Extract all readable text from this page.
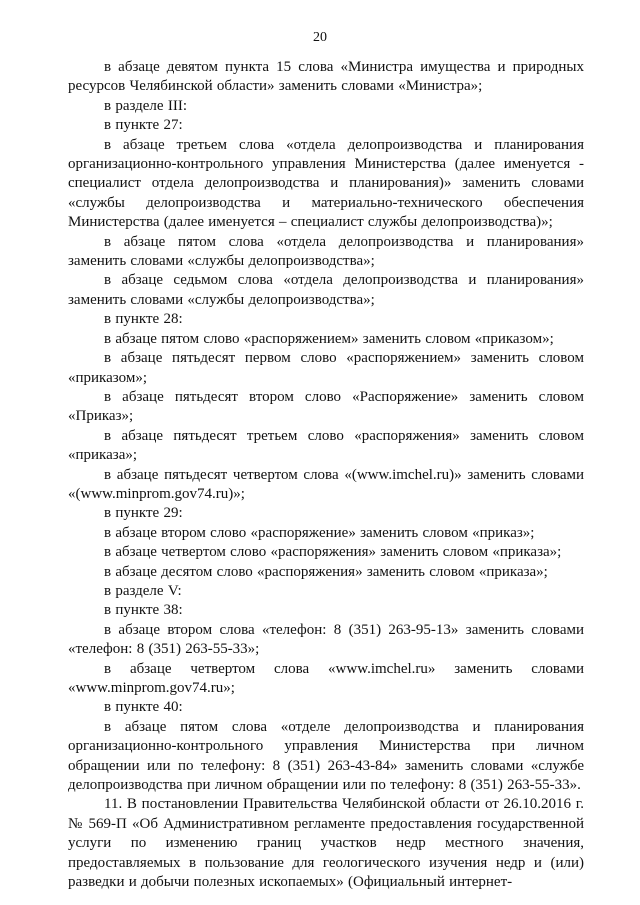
20

в абзаце девятом пункта 15 слова «Министра имущества и природных ресурсов Челябинской области» заменить словами «Министра»;

в разделе III:

в пункте 27:

в абзаце третьем слова «отдела делопроизводства и планирования организационно-контрольного управления Министерства (далее именуется - специалист отдела делопроизводства и планирования)» заменить словами «службы делопроизводства и материально-технического обеспечения Министерства (далее именуется – специалист службы делопроизводства)»;

в абзаце пятом слова «отдела делопроизводства и планирования» заменить словами «службы делопроизводства»;

в абзаце седьмом слова «отдела делопроизводства и планирования» заменить словами «службы делопроизводства»;

в пункте 28:

в абзаце пятом слово «распоряжением» заменить словом «приказом»;

в абзаце пятьдесят первом слово «распоряжением» заменить словом «приказом»;

в абзаце пятьдесят втором слово «Распоряжение» заменить словом «Приказ»;

в абзаце пятьдесят третьем слово «распоряжения» заменить словом «приказа»;

в абзаце пятьдесят четвертом слова «(www.imchel.ru)» заменить словами «(www.minprom.gov74.ru)»;

в пункте 29:

в абзаце втором слово «распоряжение» заменить словом «приказ»;

в абзаце четвертом слово «распоряжения» заменить словом «приказа»;

в абзаце десятом слово «распоряжения» заменить словом «приказа»;

в разделе V:

в пункте 38:

в абзаце втором слова «телефон: 8 (351) 263-95-13» заменить словами «телефон: 8 (351) 263-55-33»;

в абзаце четвертом слова «www.imchel.ru» заменить словами «www.minprom.gov74.ru»;

в пункте 40:

в абзаце пятом слова «отделе делопроизводства и планирования организационно-контрольного управления Министерства при личном обращении или по телефону: 8 (351) 263-43-84» заменить словами «службе делопроизводства при личном обращении или по телефону: 8 (351) 263-55-33».

11. В постановлении Правительства Челябинской области от 26.10.2016 г. № 569-П «Об Административном регламенте предоставления государственной услуги по изменению границ участков недр местного значения, предоставляемых в пользование для геологического изучения недр и (или) разведки и добычи полезных ископаемых» (Официальный интернет-
